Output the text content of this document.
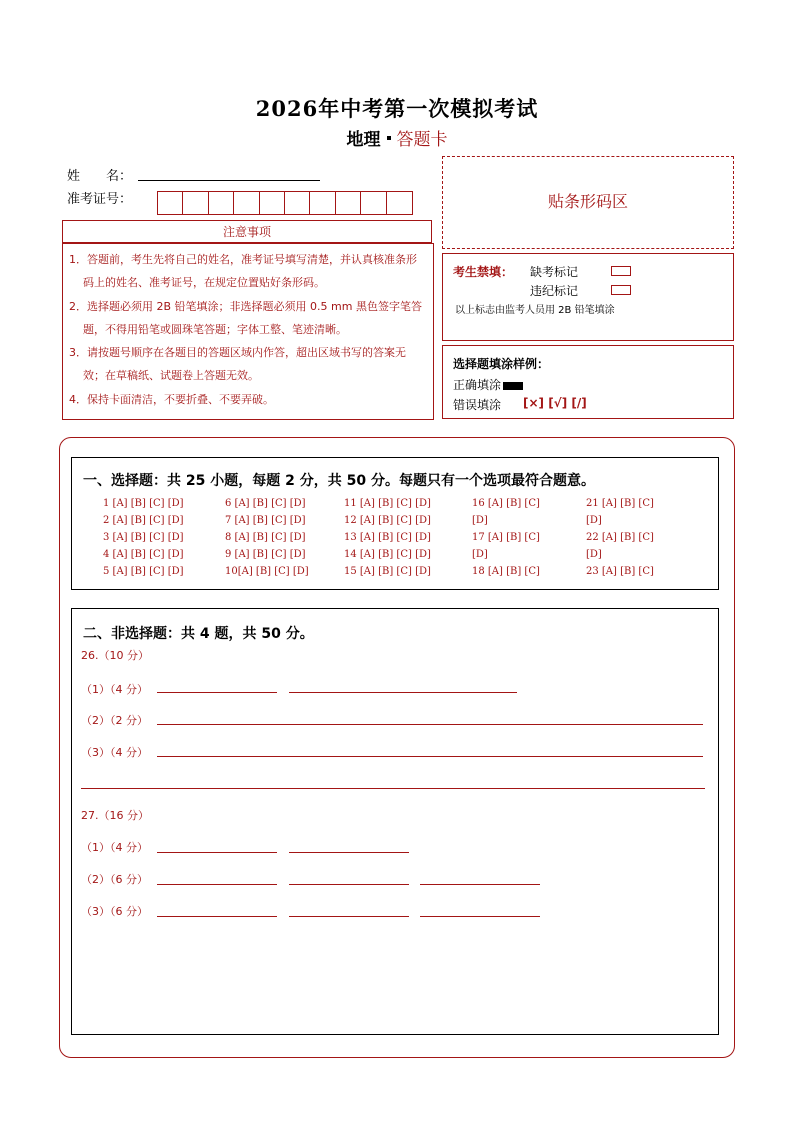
2026年中考第一次模拟考试
地理 答题卡
姓　　名：
准考证号：
注意事项

1．答题前，考生先将自己的姓名，准考证号填写清楚，并认真核准条形码上的姓名、准考证号，在规定位置贴好条形码。

2．选择题必须用 2B 铅笔填涂；非选择题必须用 0.5 mm 黑色签字笔答题，不得用铅笔或圆珠笔答题；字体工整、笔迹清晰。

3．请按题号顺序在各题目的答题区域内作答，超出区域书写的答案无效；在草稿纸、试题卷上答题无效。

4．保持卡面清洁，不要折叠、不要弄破。

贴条形码区
考生禁填： 缺考标记
违纪标记
以上标志由监考人员用 2B 铅笔填涂
选择题填涂样例：
正确填涂
错误填涂 [×] [√] [/]
一、选择题：共 25 小题，每题 2 分，共 50 分。每题只有一个选项最符合题意。
1 [A] [B] [C] [D]	6 [A] [B] [C] [D]	11 [A] [B] [C] [D]	16 [A] [B] [C]	21 [A] [B] [C]
2 [A] [B] [C] [D]	7 [A] [B] [C] [D]	12 [A] [B] [C] [D]	[D]	[D]
3 [A] [B] [C] [D]	8 [A] [B] [C] [D]	13 [A] [B] [C] [D]	17 [A] [B] [C]	22 [A] [B] [C]
4 [A] [B] [C] [D]	9 [A] [B] [C] [D]	14 [A] [B] [C] [D]	[D]	[D]
5 [A] [B] [C] [D]	10[A] [B] [C] [D]	15 [A] [B] [C] [D]	18 [A] [B] [C]	23 [A] [B] [C]
二、非选择题：共 4 题，共 50 分。
26.（10 分）
（1）（4 分）
（2）（2 分）
（3）（4 分）
27.（16 分）
（1）（4 分）
（2）（6 分）
（3）（6 分）
